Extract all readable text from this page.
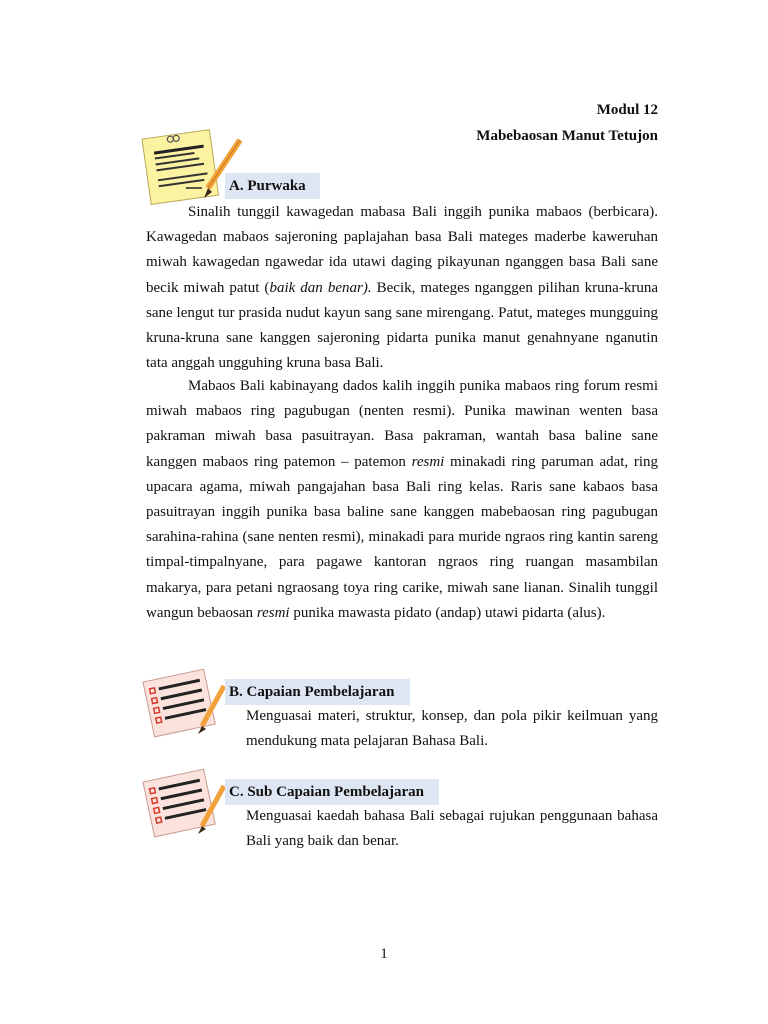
Modul 12
Mabebaosan Manut Tetujon
A. Purwaka
Sinalih tunggil kawagedan mabasa Bali inggih punika mabaos (berbicara). Kawagedan mabaos sajeroning paplajahan basa Bali mateges maderbe kaweruhan miwah kawagedan ngawedar ida utawi daging pikayunan nganggen basa Bali sane becik miwah patut (baik dan benar). Becik, mateges nganggen pilihan kruna-kruna sane lengut tur prasida nudut kayun sang sane mirengang. Patut, mateges mungguing kruna-kruna sane kanggen sajeroning pidarta punika manut genahnyane nganutin tata anggah ungguhing kruna basa Bali.
Mabaos Bali kabinayang dados kalih inggih punika mabaos ring forum resmi miwah mabaos ring pagubugan (nenten resmi). Punika mawinan wenten basa pakraman miwah basa pasuitrayan. Basa pakraman, wantah basa baline sane kanggen mabaos ring patemon – patemon resmi minakadi ring paruman adat, ring upacara agama, miwah pangajahan basa Bali ring kelas. Raris sane kabaos basa pasuitrayan inggih punika basa baline sane kanggen mabebaosan ring pagubugan sarahina-rahina (sane nenten resmi), minakadi para muride ngraos ring kantin sareng timpal-timpalnyane, para pagawe kantoran ngraos ring ruangan masambilan makarya, para petani ngraosang toya ring carike, miwah sane lianan. Sinalih tunggil wangun bebaosan resmi punika mawasta pidato (andap) utawi pidarta (alus).
B. Capaian Pembelajaran
Menguasai materi, struktur, konsep, dan pola pikir keilmuan yang mendukung mata pelajaran Bahasa Bali.
C. Sub Capaian Pembelajaran
Menguasai kaedah bahasa Bali sebagai rujukan penggunaan bahasa Bali yang baik dan benar.
1
